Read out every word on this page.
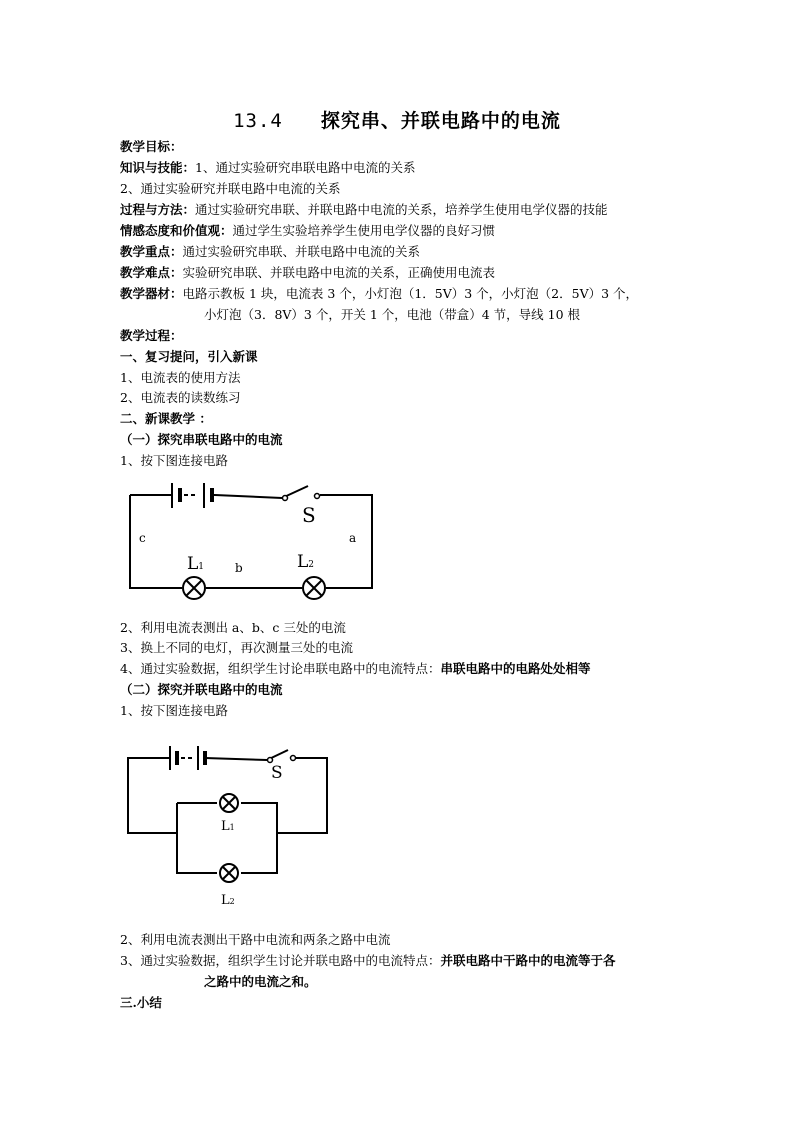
13.4 探究串、并联电路中的电流
教学目标：
知识与技能：1、通过实验研究串联电路中电流的关系
2、通过实验研究并联电路中电流的关系
过程与方法：通过实验研究串联、并联电路中电流的关系，培养学生使用电学仪器的技能
情感态度和价值观：通过学生实验培养学生使用电学仪器的良好习惯
教学重点：通过实验研究串联、并联电路中电流的关系
教学难点：实验研究串联、并联电路中电流的关系，正确使用电流表
教学器材：电路示教板 1 块，电流表 3 个，小灯泡（1．5V）3 个，小灯泡（2．5V）3 个，
小灯泡（3．8V）3 个，开关 1 个，电池（带盒）4 节，导线 10 根
教学过程：
一、复习提问，引入新课
1、电流表的使用方法
2、电流表的读数练习
二、新课教学 ：
（一）探究串联电路中的电流
1、按下图连接电路
S
L1	L2
c	a
b
2、利用电流表测出 a、b、c 三处的电流
3、换上不同的电灯，再次测量三处的电流
4、通过实验数据，组织学生讨论串联电路中的电流特点：串联电路中的电路处处相等
（二）探究并联电路中的电流
1、按下图连接电路
S
L1
L2
2、利用电流表测出干路中电流和两条之路中电流
3、通过实验数据，组织学生讨论并联电路中的电流特点：并联电路中干路中的电流等于各
之路中的电流之和。
三.小结
